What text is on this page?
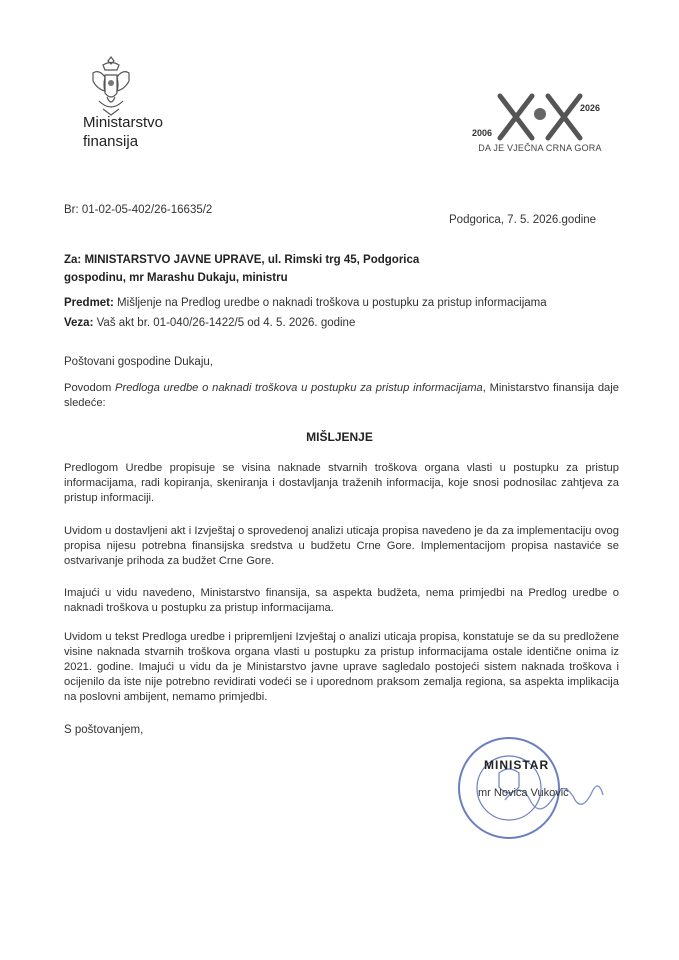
Ministarstvo
finansija	2006
2026
DA JE VJEČNA CRNA GORA
Br: 01-02-05-402/26-16635/2
Podgorica, 7. 5. 2026.godine
Za: MINISTARSTVO JAVNE UPRAVE, ul. Rimski trg 45, Podgorica
gospodinu, mr Marashu Dukaju, ministru
Predmet: Mišljenje na Predlog uredbe o naknadi troškova u postupku za pristup informacijama
Veza: Vaš akt br. 01-040/26-1422/5 od 4. 5. 2026. godine
Poštovani gospodine Dukaju,
Povodom Predloga uredbe o naknadi troškova u postupku za pristup informacijama, Ministarstvo finansija daje sledeće:
MIŠLJENJE
Predlogom Uredbe propisuje se visina naknade stvarnih troškova organa vlasti u postupku za pristup informacijama, radi kopiranja, skeniranja i dostavljanja traženih informacija, koje snosi podnosilac zahtjeva za pristup informaciji.
Uvidom u dostavljeni akt i Izvještaj o sprovedenoj analizi uticaja propisa navedeno je da za implementaciju ovog propisa nijesu potrebna finansijska sredstva u budžetu Crne Gore. Implementacijom propisa nastaviće se ostvarivanje prihoda za budžet Crne Gore.
Imajući u vidu navedeno, Ministarstvo finansija, sa aspekta budžeta, nema primjedbi na Predlog uredbe o naknadi troškova u postupku za pristup informacijama.
Uvidom u tekst Predloga uredbe i pripremljeni Izvještaj o analizi uticaja propisa, konstatuje se da su predložene visine naknada stvarnih troškova organa vlasti u postupku za pristup informacijama ostale identične onima iz 2021. godine. Imajući u vidu da je Ministarstvo javne uprave sagledalo postojeći sistem naknada troškova i ocijenilo da iste nije potrebno revidirati vodeći se i uporednom praksom zemalja regiona, sa aspekta implikacija na poslovni ambijent, nemamo primjedbi.
S poštovanjem,
MINISTAR
mr Novica Vuković
